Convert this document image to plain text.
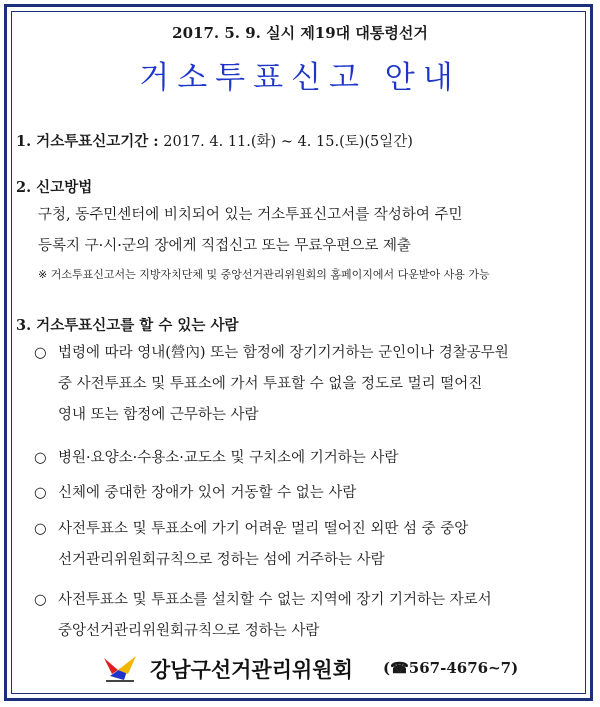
2017. 5. 9. 실시 제19대 대통령선거
거소투표신고 안내
1. 거소투표신고기간 : 2017. 4. 11.(화) ~ 4. 15.(토)(5일간)
2. 신고방법
구청, 동주민센터에 비치되어 있는 거소투표신고서를 작성하여 주민
등록지 구·시·군의 장에게 직접신고 또는 무료우편으로 제출
※ 거소투표신고서는 지방자치단체 및 중앙선거관리위원회의 홈페이지에서 다운받아 사용 가능
3. 거소투표신고를 할 수 있는 사람
○ 법령에 따라 영내(營內) 또는 함정에 장기기거하는 군인이나 경찰공무원
중 사전투표소 및 투표소에 가서 투표할 수 없을 정도로 멀리 떨어진
영내 또는 함정에 근무하는 사람
○ 병원·요양소·수용소·교도소 및 구치소에 기거하는 사람
○ 신체에 중대한 장애가 있어 거동할 수 없는 사람
○ 사전투표소 및 투표소에 가기 어려운 멀리 떨어진 외딴 섬 중 중앙
선거관리위원회규칙으로 정하는 섬에 거주하는 사람
○ 사전투표소 및 투표소를 설치할 수 없는 지역에 장기 기거하는 자로서
중앙선거관리위원회규칙으로 정하는 사람
강남구선거관리위원회 (☎567-4676~7)
